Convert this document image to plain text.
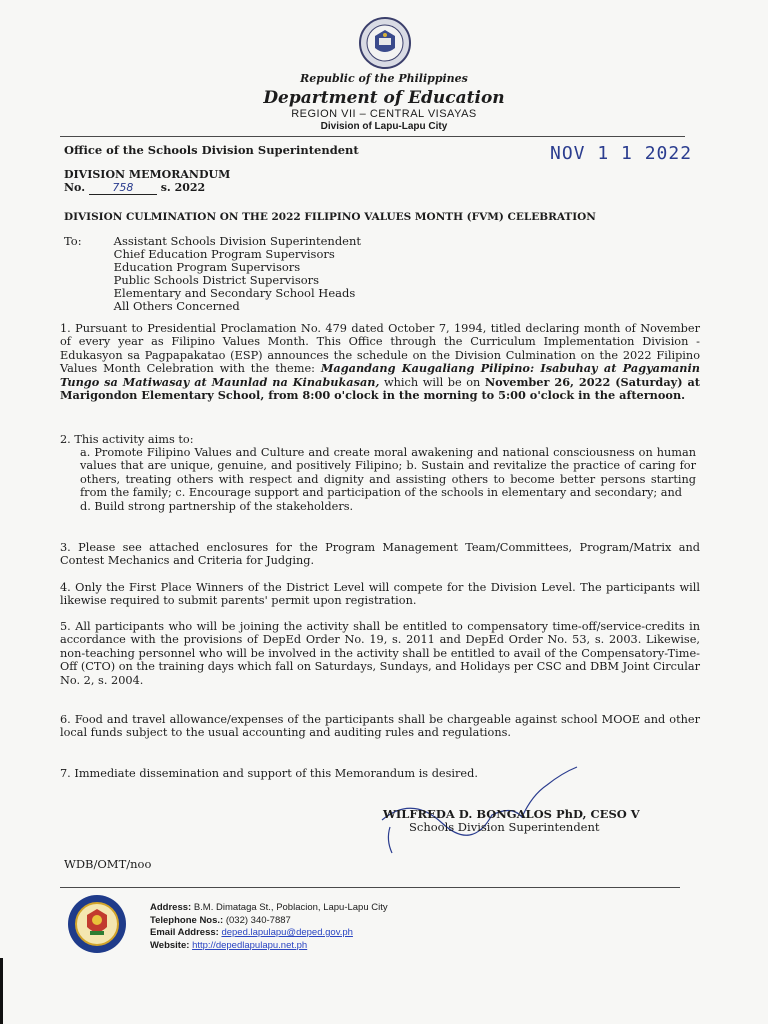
Republic of the Philippines
Department of Education
REGION VII – CENTRAL VISAYAS
Division of Lapu-Lapu City
Office of the Schools Division Superintendent	NOV 1 1 2022
DIVISION MEMORANDUM
No. 758 s. 2022
DIVISION CULMINATION ON THE 2022 FILIPINO VALUES MONTH (FVM) CELEBRATION
To:	Assistant Schools Division Superintendent
Chief Education Program Supervisors
Education Program Supervisors
Public Schools District Supervisors
Elementary and Secondary School Heads
All Others Concerned
1. Pursuant to Presidential Proclamation No. 479 dated October 7, 1994, titled declaring month of November of every year as Filipino Values Month. This Office through the Curriculum Implementation Division - Edukasyon sa Pagpapakatao (ESP) announces the schedule on the Division Culmination on the 2022 Filipino Values Month Celebration with the theme: Magandang Kaugaliang Pilipino: Isabuhay at Pagyamanin Tungo sa Matiwasay at Maunlad na Kinabukasan, which will be on November 26, 2022 (Saturday) at Marigondon Elementary School, from 8:00 o'clock in the morning to 5:00 o'clock in the afternoon.
2. This activity aims to:
a. Promote Filipino Values and Culture and create moral awakening and national consciousness on human values that are unique, genuine, and positively Filipino; b. Sustain and revitalize the practice of caring for others, treating others with respect and dignity and assisting others to become better persons starting from the family; c. Encourage support and participation of the schools in elementary and secondary; and
d. Build strong partnership of the stakeholders.
3. Please see attached enclosures for the Program Management Team/Committees, Program/Matrix and Contest Mechanics and Criteria for Judging.
4. Only the First Place Winners of the District Level will compete for the Division Level. The participants will likewise required to submit parents' permit upon registration.
5. All participants who will be joining the activity shall be entitled to compensatory time-off/service-credits in accordance with the provisions of DepEd Order No. 19, s. 2011 and DepEd Order No. 53, s. 2003. Likewise, non-teaching personnel who will be involved in the activity shall be entitled to avail of the Compensatory-Time-Off (CTO) on the training days which fall on Saturdays, Sundays, and Holidays per CSC and DBM Joint Circular No. 2, s. 2004.
6. Food and travel allowance/expenses of the participants shall be chargeable against school MOOE and other local funds subject to the usual accounting and auditing rules and regulations.
7. Immediate dissemination and support of this Memorandum is desired.
WILFREDA D. BONGALOS PhD, CESO V
Schools Division Superintendent
WDB/OMT/noo
Address: B.M. Dimataga St., Poblacion, Lapu-Lapu City
Telephone Nos.: (032) 340-7887
Email Address: deped.lapulapu@deped.gov.ph
Website: http://depedlapulapu.net.ph
